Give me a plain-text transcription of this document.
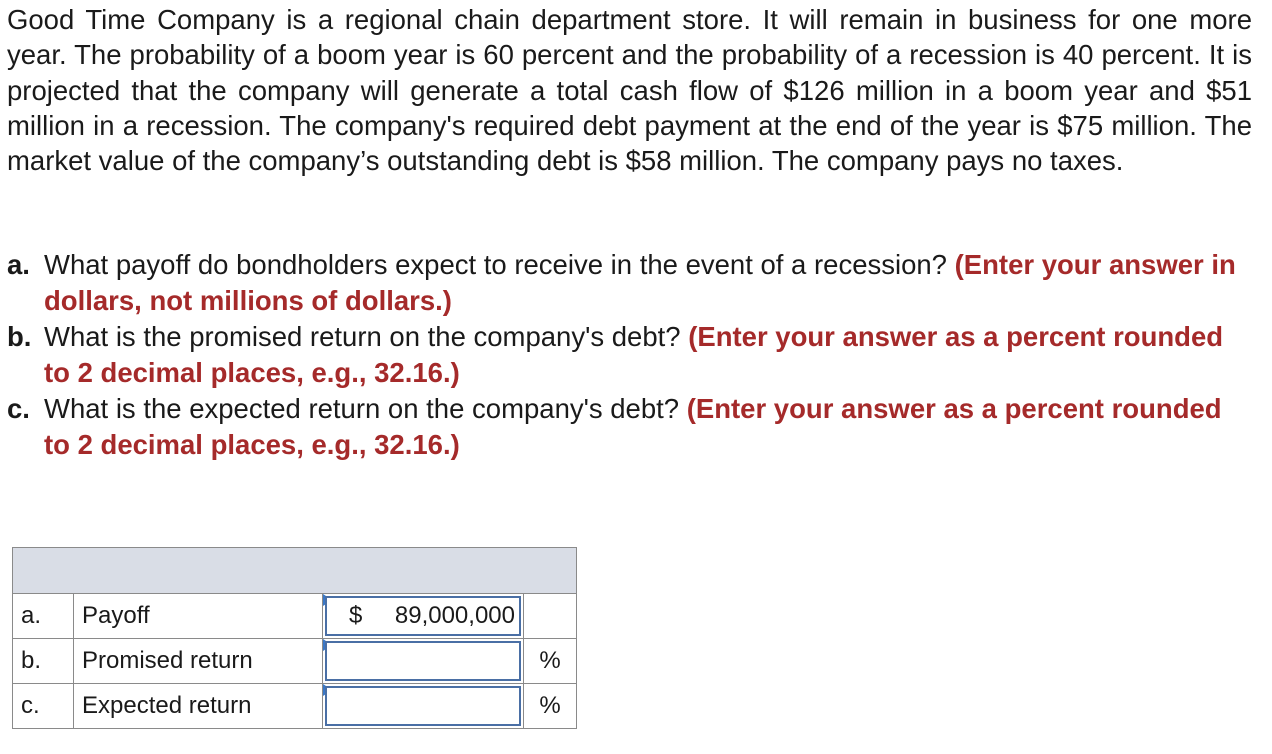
Good Time Company is a regional chain department store. It will remain in business for one more year. The probability of a boom year is 60 percent and the probability of a recession is 40 percent. It is projected that the company will generate a total cash flow of $126 million in a boom year and $51 million in a recession. The company's required debt payment at the end of the year is $75 million. The market value of the company’s outstanding debt is $58 million. The company pays no taxes.

a. What payoff do bondholders expect to receive in the event of a recession? (Enter your answer in dollars, not millions of dollars.)

b. What is the promised return on the company's debt? (Enter your answer as a percent rounded to 2 decimal places, e.g., 32.16.)

c. What is the expected return on the company's debt? (Enter your answer as a percent rounded to 2 decimal places, e.g., 32.16.)

a.	Payoff	$ 89,000,000	

b.	Promised return		%
c.	Expected return		%
